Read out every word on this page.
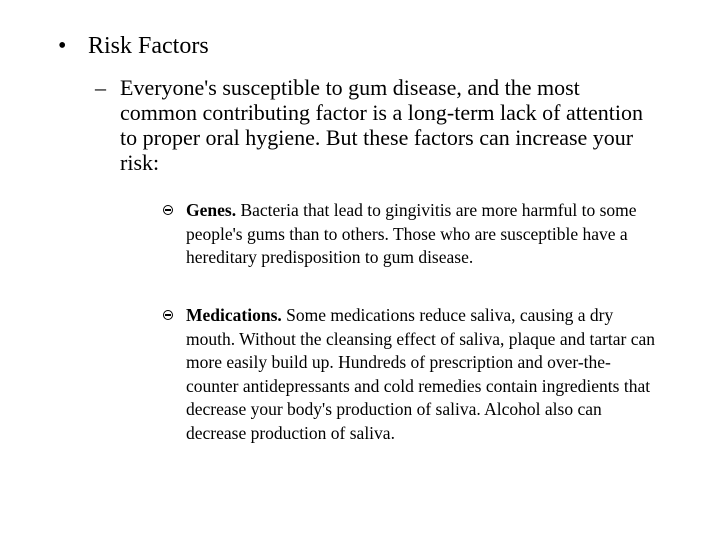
• Risk Factors
– Everyone's susceptible to gum disease, and the most common contributing factor is a long-term lack of attention to proper oral hygiene. But these factors can increase your risk:
Genes. Bacteria that lead to gingivitis are more harmful to some people's gums than to others. Those who are susceptible have a hereditary predisposition to gum disease.
Medications. Some medications reduce saliva, causing a dry mouth. Without the cleansing effect of saliva, plaque and tartar can more easily build up. Hundreds of prescription and over-the-counter antidepressants and cold remedies contain ingredients that decrease your body's production of saliva. Alcohol also can decrease production of saliva.
